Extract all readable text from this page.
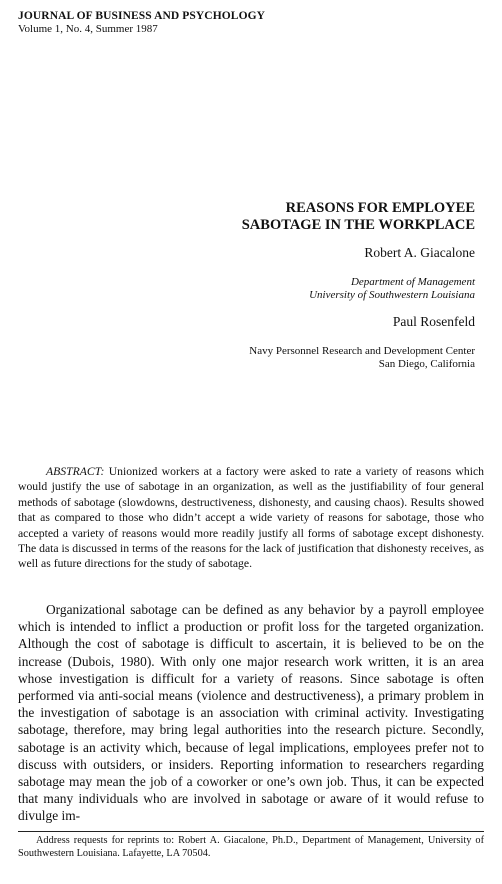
JOURNAL OF BUSINESS AND PSYCHOLOGY
Volume 1, No. 4, Summer 1987
REASONS FOR EMPLOYEE
SABOTAGE IN THE WORKPLACE
Robert A. Giacalone
Department of Management
University of Southwestern Louisiana
Paul Rosenfeld
Navy Personnel Research and Development Center
San Diego, California

ABSTRACT: Unionized workers at a factory were asked to rate a variety of reasons which would justify the use of sabotage in an organization, as well as the justifiability of four general methods of sabotage (slowdowns, destructiveness, dishonesty, and causing chaos). Results showed that as compared to those who didn’t accept a wide variety of reasons for sabotage, those who accepted a variety of reasons would more readily justify all forms of sabotage except dishonesty. The data is discussed in terms of the reasons for the lack of justification that dishonesty receives, as well as future directions for the study of sabotage.

Organizational sabotage can be defined as any behavior by a payroll employee which is intended to inflict a production or profit loss for the targeted organization. Although the cost of sabotage is difficult to ascertain, it is believed to be on the increase (Dubois, 1980). With only one major research work written, it is an area whose investigation is difficult for a variety of reasons. Since sabotage is often performed via anti-social means (violence and destructiveness), a primary problem in the investigation of sabotage is an association with criminal activity. Investigating sabotage, therefore, may bring legal authorities into the research picture. Secondly, sabotage is an activity which, because of legal implications, employees prefer not to discuss with outsiders, or insiders. Reporting information to researchers regarding sabotage may mean the job of a coworker or one’s own job. Thus, it can be expected that many individuals who are involved in sabotage or aware of it would refuse to divulge im-

Address requests for reprints to: Robert A. Giacalone, Ph.D., Department of Management, University of Southwestern Louisiana. Lafayette, LA 70504.
